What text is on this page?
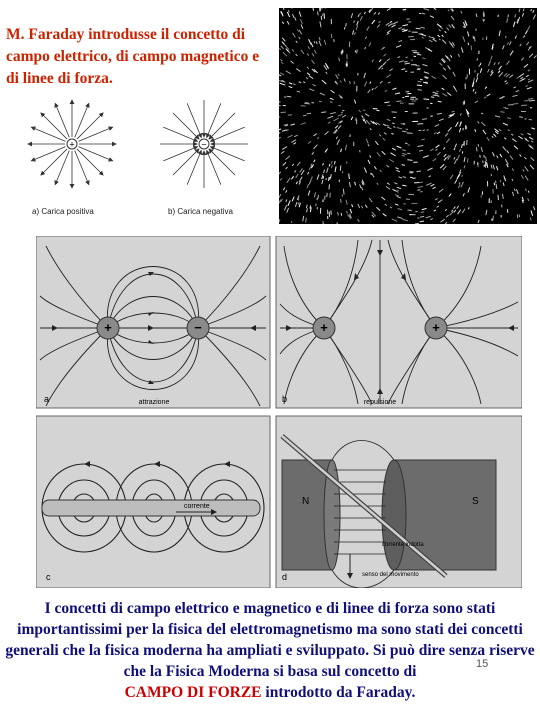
M. Faraday introdusse il concetto di campo elettrico, di campo magnetico e di linee di forza.
+	−
a) Carica positiva	b) Carica negativa
+	−
a	attrazione
+	+
b	repulsione
corrente
c
N	S
corrente indotta
senso del movimento
d
I concetti di campo elettrico e magnetico e di linee di forza sono stati importantissimi per la fisica del elettromagnetismo ma sono stati dei concetti generali che la fisica moderna ha ampliati e sviluppato. Si può dire senza riserve che la Fisica Moderna si basa sul concetto di
CAMPO DI FORZE introdotto da Faraday.
15
